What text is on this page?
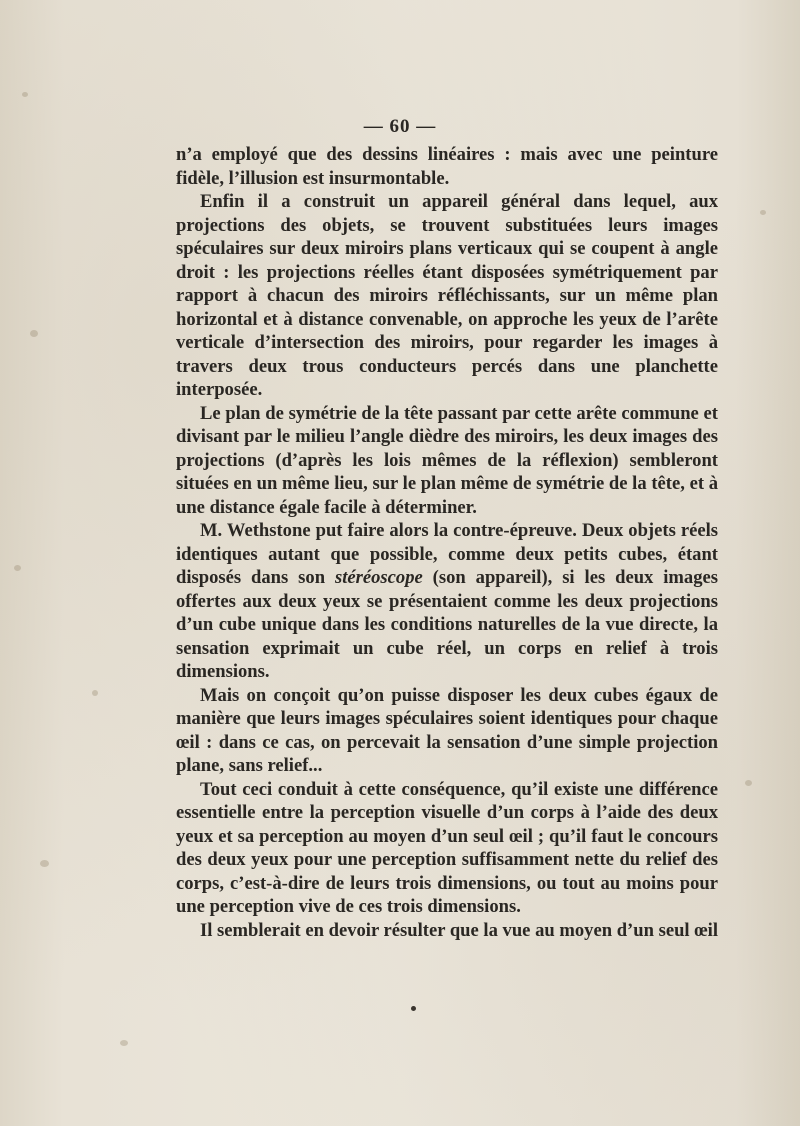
— 60 —

n’a employé que des dessins linéaires : mais avec une peinture fidèle, l’illusion est insurmontable.

Enfin il a construit un appareil général dans lequel, aux projections des objets, se trouvent substituées leurs images spéculaires sur deux miroirs plans verticaux qui se coupent à angle droit : les projections réelles étant disposées symétriquement par rapport à chacun des miroirs réfléchissants, sur un même plan horizontal et à distance convenable, on approche les yeux de l’arête verticale d’intersection des miroirs, pour regarder les images à travers deux trous conducteurs percés dans une planchette interposée.

Le plan de symétrie de la tête passant par cette arête commune et divisant par le milieu l’angle dièdre des miroirs, les deux images des projections (d’après les lois mêmes de la réflexion) sembleront situées en un même lieu, sur le plan même de symétrie de la tête, et à une distance égale facile à déterminer.

M. Wethstone put faire alors la contre-épreuve. Deux objets réels identiques autant que possible, comme deux petits cubes, étant disposés dans son stéréoscope (son appareil), si les deux images offertes aux deux yeux se présentaient comme les deux projections d’un cube unique dans les conditions naturelles de la vue directe, la sensation exprimait un cube réel, un corps en relief à trois dimensions.

Mais on conçoit qu’on puisse disposer les deux cubes égaux de manière que leurs images spéculaires soient identiques pour chaque œil : dans ce cas, on percevait la sensation d’une simple projection plane, sans relief...

Tout ceci conduit à cette conséquence, qu’il existe une différence essentielle entre la perception visuelle d’un corps à l’aide des deux yeux et sa perception au moyen d’un seul œil ; qu’il faut le concours des deux yeux pour une perception suffisamment nette du relief des corps, c’est-à-dire de leurs trois dimensions, ou tout au moins pour une perception vive de ces trois dimensions.

Il semblerait en devoir résulter que la vue au moyen d’un seul œil
